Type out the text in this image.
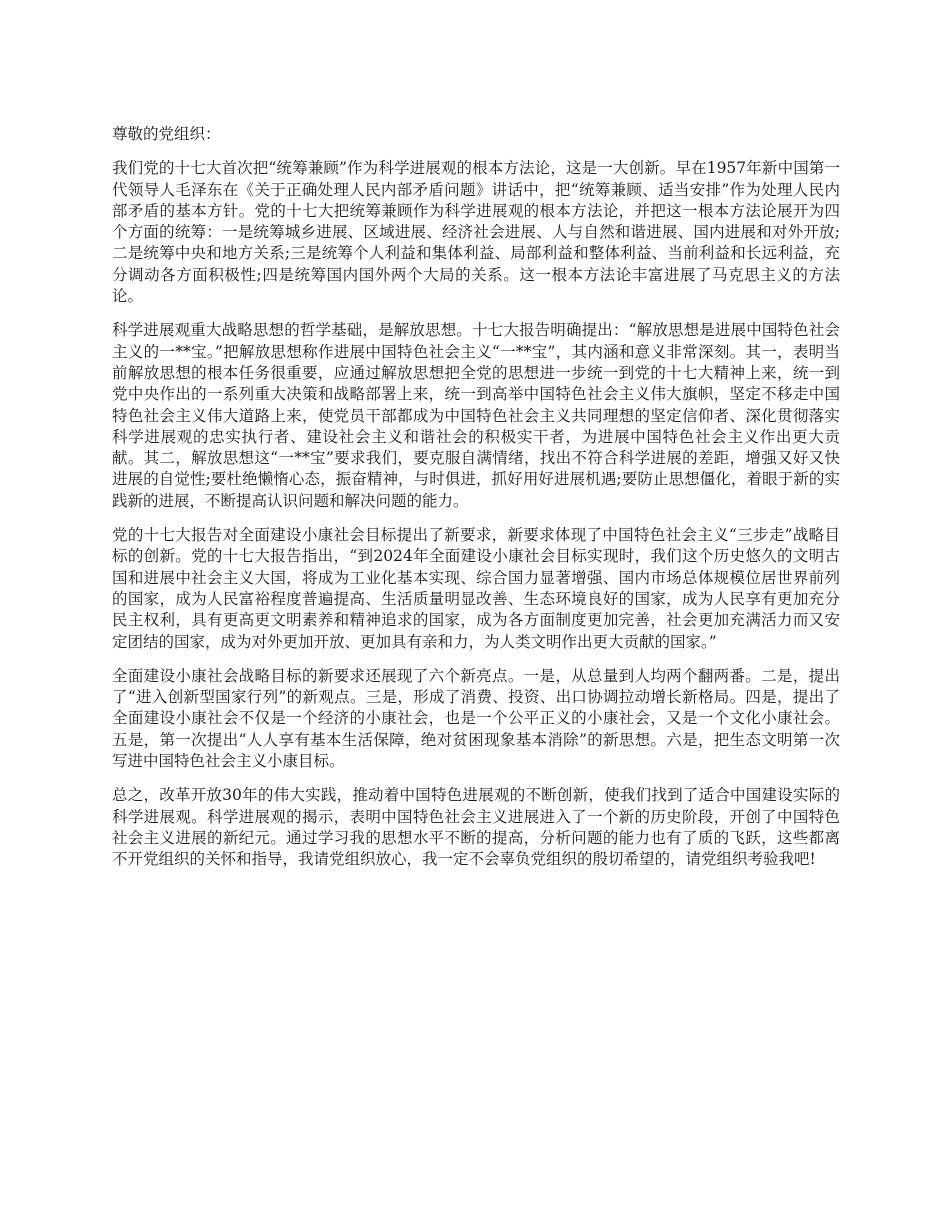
尊敬的党组织：

我们党的十七大首次把“统筹兼顾”作为科学进展观的根本方法论，这是一大创新。早在1957年新中国第一代领导人毛泽东在《关于正确处理人民内部矛盾问题》讲话中，把“统筹兼顾、适当安排”作为处理人民内部矛盾的基本方针。党的十七大把统筹兼顾作为科学进展观的根本方法论，并把这一根本方法论展开为四个方面的统筹：一是统筹城乡进展、区域进展、经济社会进展、人与自然和谐进展、国内进展和对外开放;二是统筹中央和地方关系;三是统筹个人利益和集体利益、局部利益和整体利益、当前利益和长远利益，充分调动各方面积极性;四是统筹国内国外两个大局的关系。这一根本方法论丰富进展了马克思主义的方法论。

科学进展观重大战略思想的哲学基础，是解放思想。十七大报告明确提出：“解放思想是进展中国特色社会主义的一**宝。”把解放思想称作进展中国特色社会主义“一**宝”，其内涵和意义非常深刻。其一，表明当前解放思想的根本任务很重要，应通过解放思想把全党的思想进一步统一到党的十七大精神上来，统一到党中央作出的一系列重大决策和战略部署上来，统一到高举中国特色社会主义伟大旗帜，坚定不移走中国特色社会主义伟大道路上来，使党员干部都成为中国特色社会主义共同理想的坚定信仰者、深化贯彻落实科学进展观的忠实执行者、建设社会主义和谐社会的积极实干者，为进展中国特色社会主义作出更大贡献。其二，解放思想这“一**宝”要求我们，要克服自满情绪，找出不符合科学进展的差距，增强又好又快进展的自觉性;要杜绝懒惰心态，振奋精神，与时俱进，抓好用好进展机遇;要防止思想僵化，着眼于新的实践新的进展，不断提高认识问题和解决问题的能力。

党的十七大报告对全面建设小康社会目标提出了新要求，新要求体现了中国特色社会主义“三步走”战略目标的创新。党的十七大报告指出，“到2024年全面建设小康社会目标实现时，我们这个历史悠久的文明古国和进展中社会主义大国，将成为工业化基本实现、综合国力显著增强、国内市场总体规模位居世界前列的国家，成为人民富裕程度普遍提高、生活质量明显改善、生态环境良好的国家，成为人民享有更加充分民主权利，具有更高更文明素养和精神追求的国家，成为各方面制度更加完善，社会更加充满活力而又安定团结的国家，成为对外更加开放、更加具有亲和力，为人类文明作出更大贡献的国家。”

全面建设小康社会战略目标的新要求还展现了六个新亮点。一是，从总量到人均两个翻两番。二是，提出了“进入创新型国家行列”的新观点。三是，形成了消费、投资、出口协调拉动增长新格局。四是，提出了全面建设小康社会不仅是一个经济的小康社会，也是一个公平正义的小康社会，又是一个文化小康社会。五是，第一次提出“人人享有基本生活保障，绝对贫困现象基本消除”的新思想。六是，把生态文明第一次写进中国特色社会主义小康目标。

总之，改革开放30年的伟大实践，推动着中国特色进展观的不断创新，使我们找到了适合中国建设实际的科学进展观。科学进展观的揭示，表明中国特色社会主义进展进入了一个新的历史阶段，开创了中国特色社会主义进展的新纪元。通过学习我的思想水平不断的提高，分析问题的能力也有了质的飞跃，这些都离不开党组织的关怀和指导，我请党组织放心，我一定不会辜负党组织的殷切希望的，请党组织考验我吧!
